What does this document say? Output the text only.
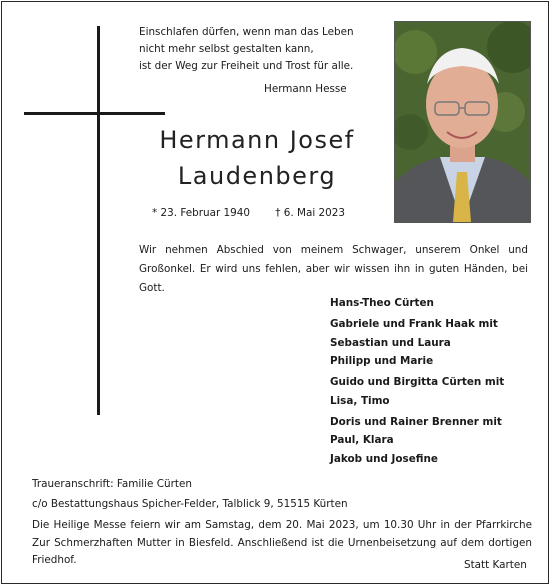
Einschlafen dürfen, wenn man das Leben
nicht mehr selbst gestalten kann,
ist der Weg zur Freiheit und Trost für alle.
Hermann Hesse
Hermann Josef
Laudenberg
* 23. Februar 1940 † 6. Mai 2023
Wir nehmen Abschied von meinem Schwager, unserem Onkel und Großonkel. Er wird uns fehlen, aber wir wissen ihn in guten Händen, bei Gott.
Hans-Theo Cürten
Gabriele und Frank Haak mit
Sebastian und Laura
Philipp und Marie
Guido und Birgitta Cürten mit
Lisa, Timo
Doris und Rainer Brenner mit
Paul, Klara
Jakob und Josefine
Traueranschrift: Familie Cürten
c/o Bestattungshaus Spicher-Felder, Talblick 9, 51515 Kürten
Die Heilige Messe feiern wir am Samstag, dem 20. Mai 2023, um 10.30 Uhr in der Pfarrkirche Zur Schmerzhaften Mutter in Biesfeld. Anschließend ist die Urnenbeisetzung auf dem dortigen Friedhof.	Statt Karten
